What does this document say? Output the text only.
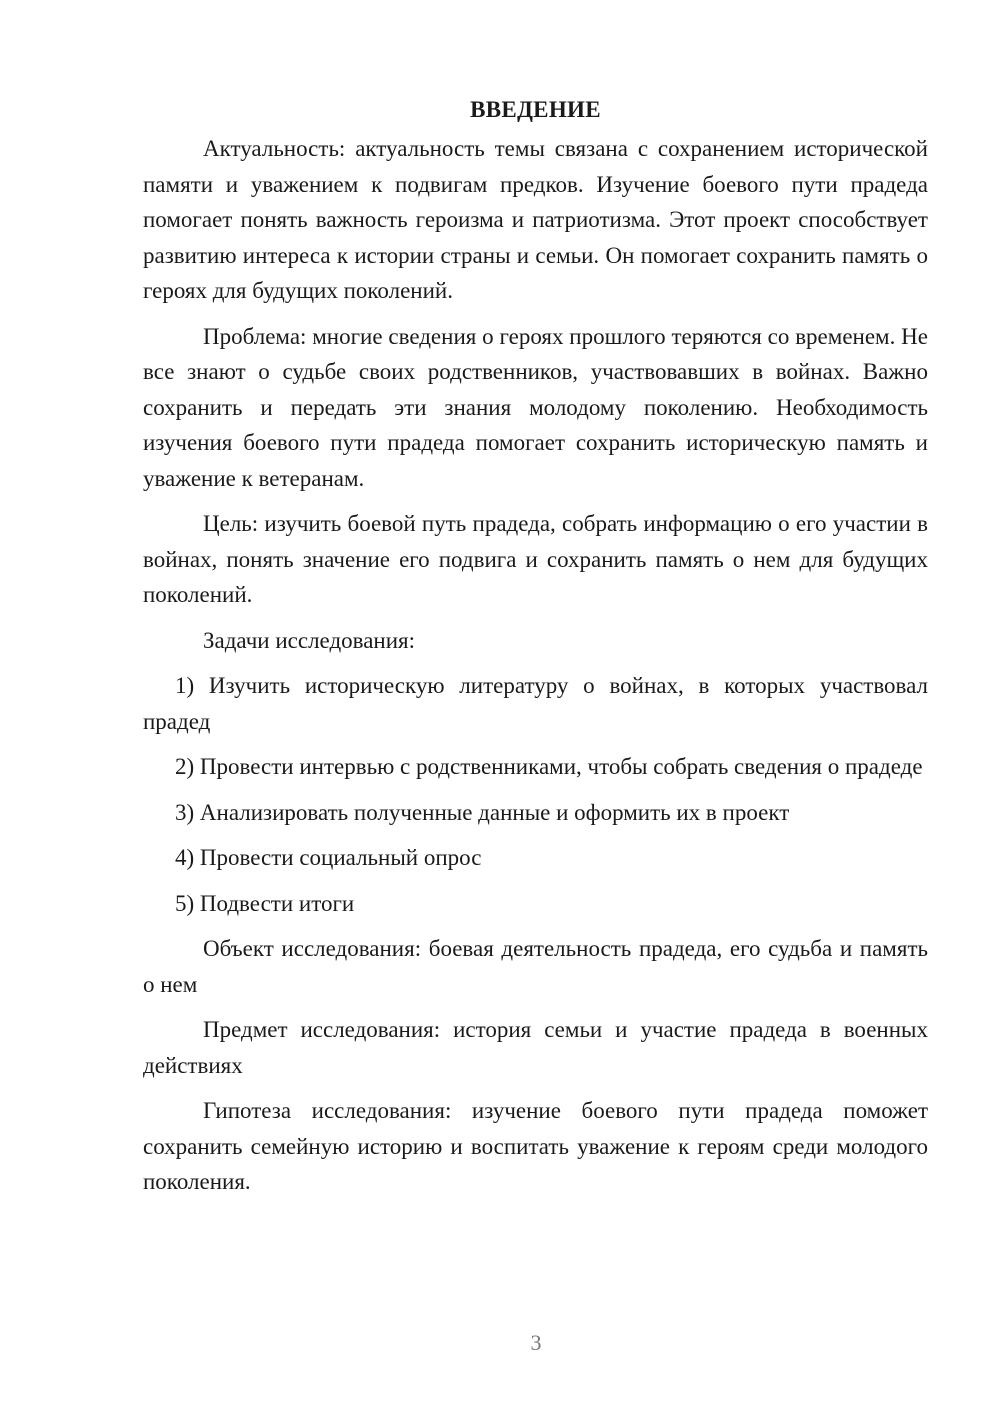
ВВЕДЕНИЕ

Актуальность: актуальность темы связана с сохранением исторической памяти и уважением к подвигам предков. Изучение боевого пути прадеда помогает понять важность героизма и патриотизма. Этот проект способствует развитию интереса к истории страны и семьи. Он помогает сохранить память о героях для будущих поколений.

Проблема: многие сведения о героях прошлого теряются со временем. Не все знают о судьбе своих родственников, участвовавших в войнах. Важно сохранить и передать эти знания молодому поколению. Необходимость изучения боевого пути прадеда помогает сохранить историческую память и уважение к ветеранам.

Цель: изучить боевой путь прадеда, собрать информацию о его участии в войнах, понять значение его подвига и сохранить память о нем для будущих поколений.

Задачи исследования:

1) Изучить историческую литературу о войнах, в которых участвовал прадед

2) Провести интервью с родственниками, чтобы собрать сведения о прадеде

3) Анализировать полученные данные и оформить их в проект

4) Провести социальный опрос

5) Подвести итоги

Объект исследования: боевая деятельность прадеда, его судьба и память о нем

Предмет исследования: история семьи и участие прадеда в военных действиях

Гипотеза исследования: изучение боевого пути прадеда поможет сохранить семейную историю и воспитать уважение к героям среди молодого поколения.

3
